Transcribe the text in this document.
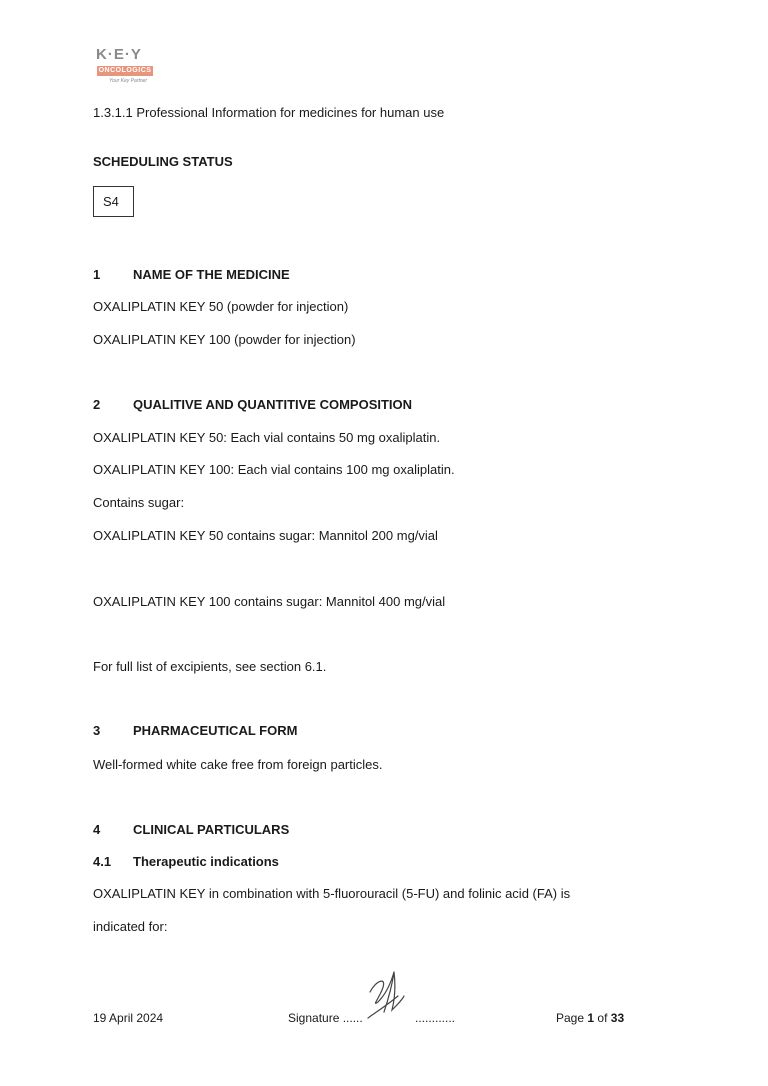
K·E·Y
ONCOLOGICS
Your Key Partner
1.3.1.1 Professional Information for medicines for human use
SCHEDULING STATUS
S4
1	NAME OF THE MEDICINE
OXALIPLATIN KEY 50 (powder for injection)
OXALIPLATIN KEY 100 (powder for injection)
2	QUALITIVE AND QUANTITIVE COMPOSITION
OXALIPLATIN KEY 50: Each vial contains 50 mg oxaliplatin.
OXALIPLATIN KEY 100: Each vial contains 100 mg oxaliplatin.
Contains sugar:
OXALIPLATIN KEY 50 contains sugar: Mannitol 200 mg/vial
OXALIPLATIN KEY 100 contains sugar: Mannitol 400 mg/vial
For full list of excipients, see section 6.1.
3	PHARMACEUTICAL FORM
Well-formed white cake free from foreign particles.
4	CLINICAL PARTICULARS
4.1 Therapeutic indications
OXALIPLATIN KEY in combination with 5-fluorouracil (5-FU) and folinic acid (FA) is
indicated for:
19 April 2024	Signature ......	............	Page 1 of 33
